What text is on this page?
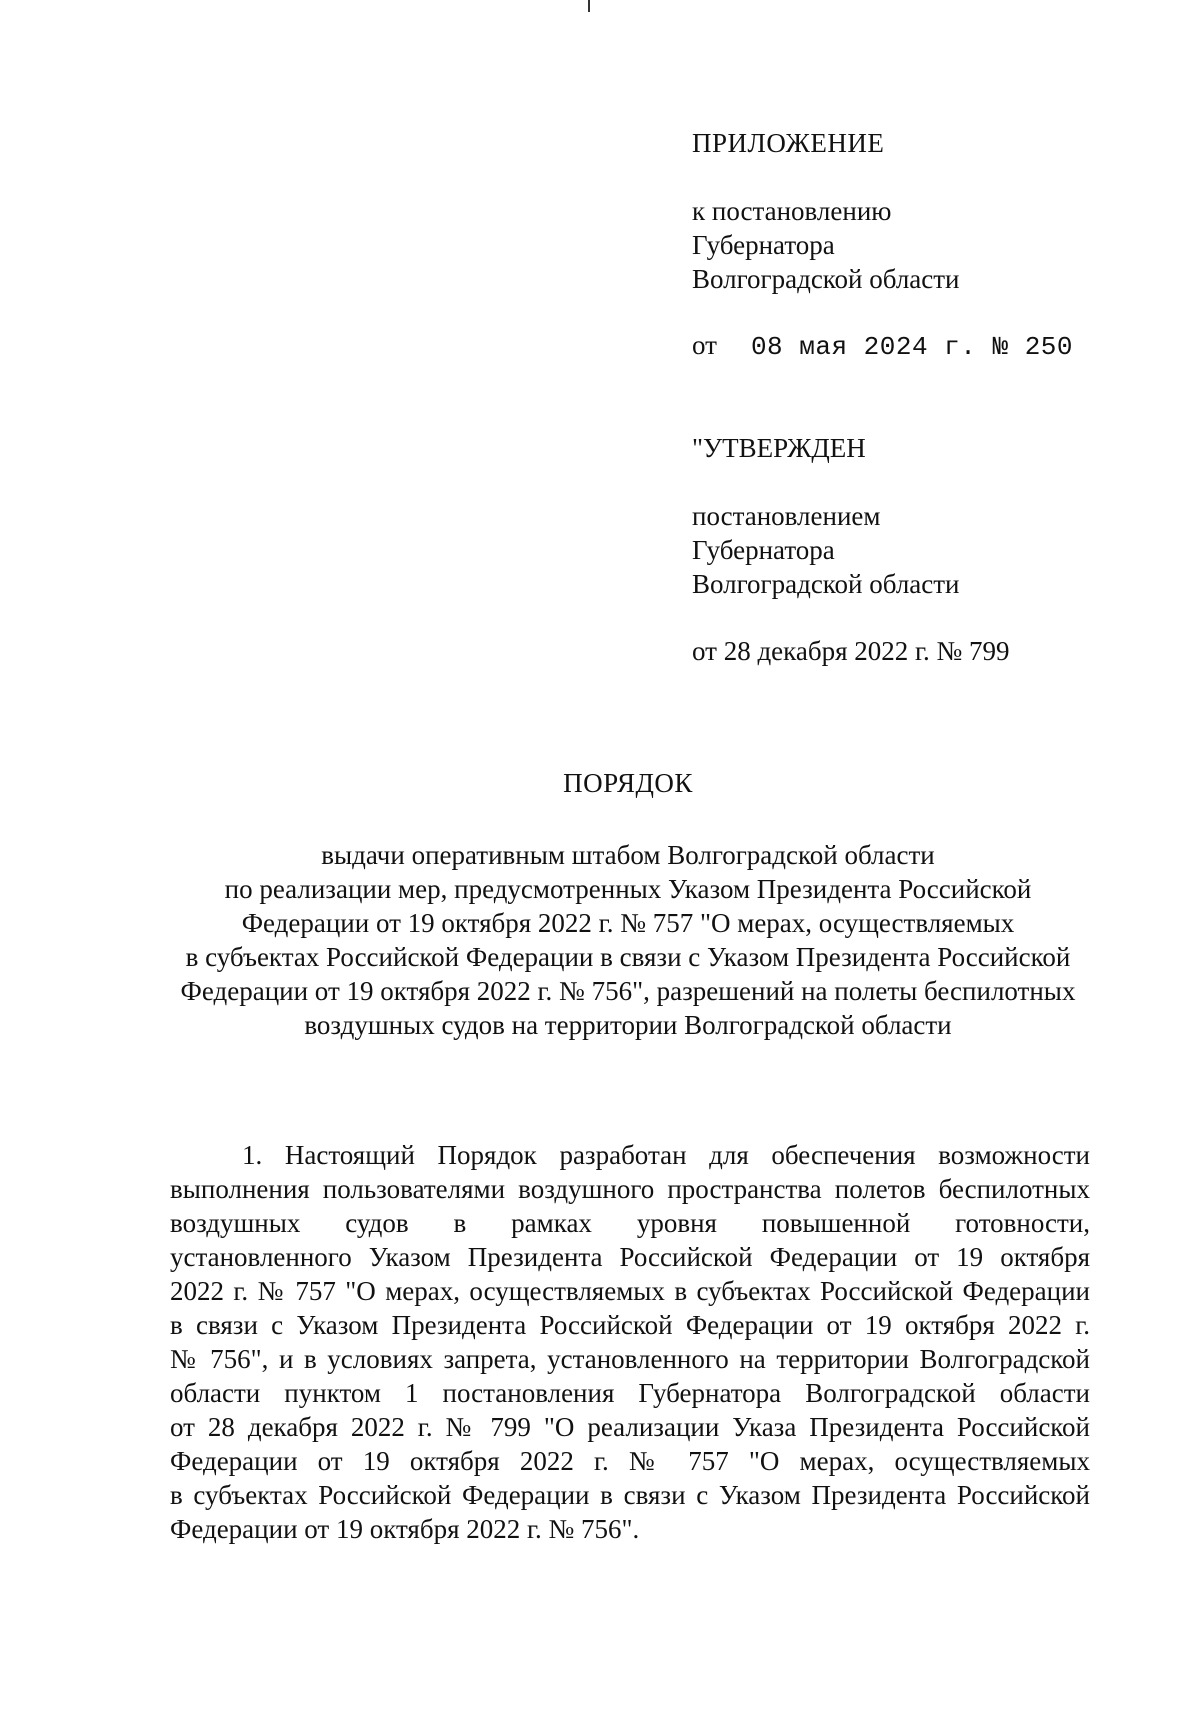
ПРИЛОЖЕНИЕ
к постановлению
Губернатора
Волгоградской области
от 08 мая 2024 г. № 250
"УТВЕРЖДЕН
постановлением
Губернатора
Волгоградской области
от 28 декабря 2022 г. № 799
ПОРЯДОК
выдачи оперативным штабом Волгоградской области
по реализации мер, предусмотренных Указом Президента Российской
Федерации от 19 октября 2022 г. № 757 "О мерах, осуществляемых
в субъектах Российской Федерации в связи с Указом Президента Российской
Федерации от 19 октября 2022 г. № 756", разрешений на полеты беспилотных
воздушных судов на территории Волгоградской области
1. Настоящий Порядок разработан для обеспечения возможности
выполнения пользователями воздушного пространства полетов беспилотных
воздушных судов в рамках уровня повышенной готовности,
установленного Указом Президента Российской Федерации от 19 октября
2022 г. № 757 "О мерах, осуществляемых в субъектах Российской Федерации
в связи с Указом Президента Российской Федерации от 19 октября 2022 г.
№ 756", и в условиях запрета, установленного на территории Волгоградской
области пунктом 1 постановления Губернатора Волгоградской области
от 28 декабря 2022 г. № 799 "О реализации Указа Президента Российской
Федерации от 19 октября 2022 г. № 757 "О мерах, осуществляемых
в субъектах Российской Федерации в связи с Указом Президента Российской
Федерации от 19 октября 2022 г. № 756".
